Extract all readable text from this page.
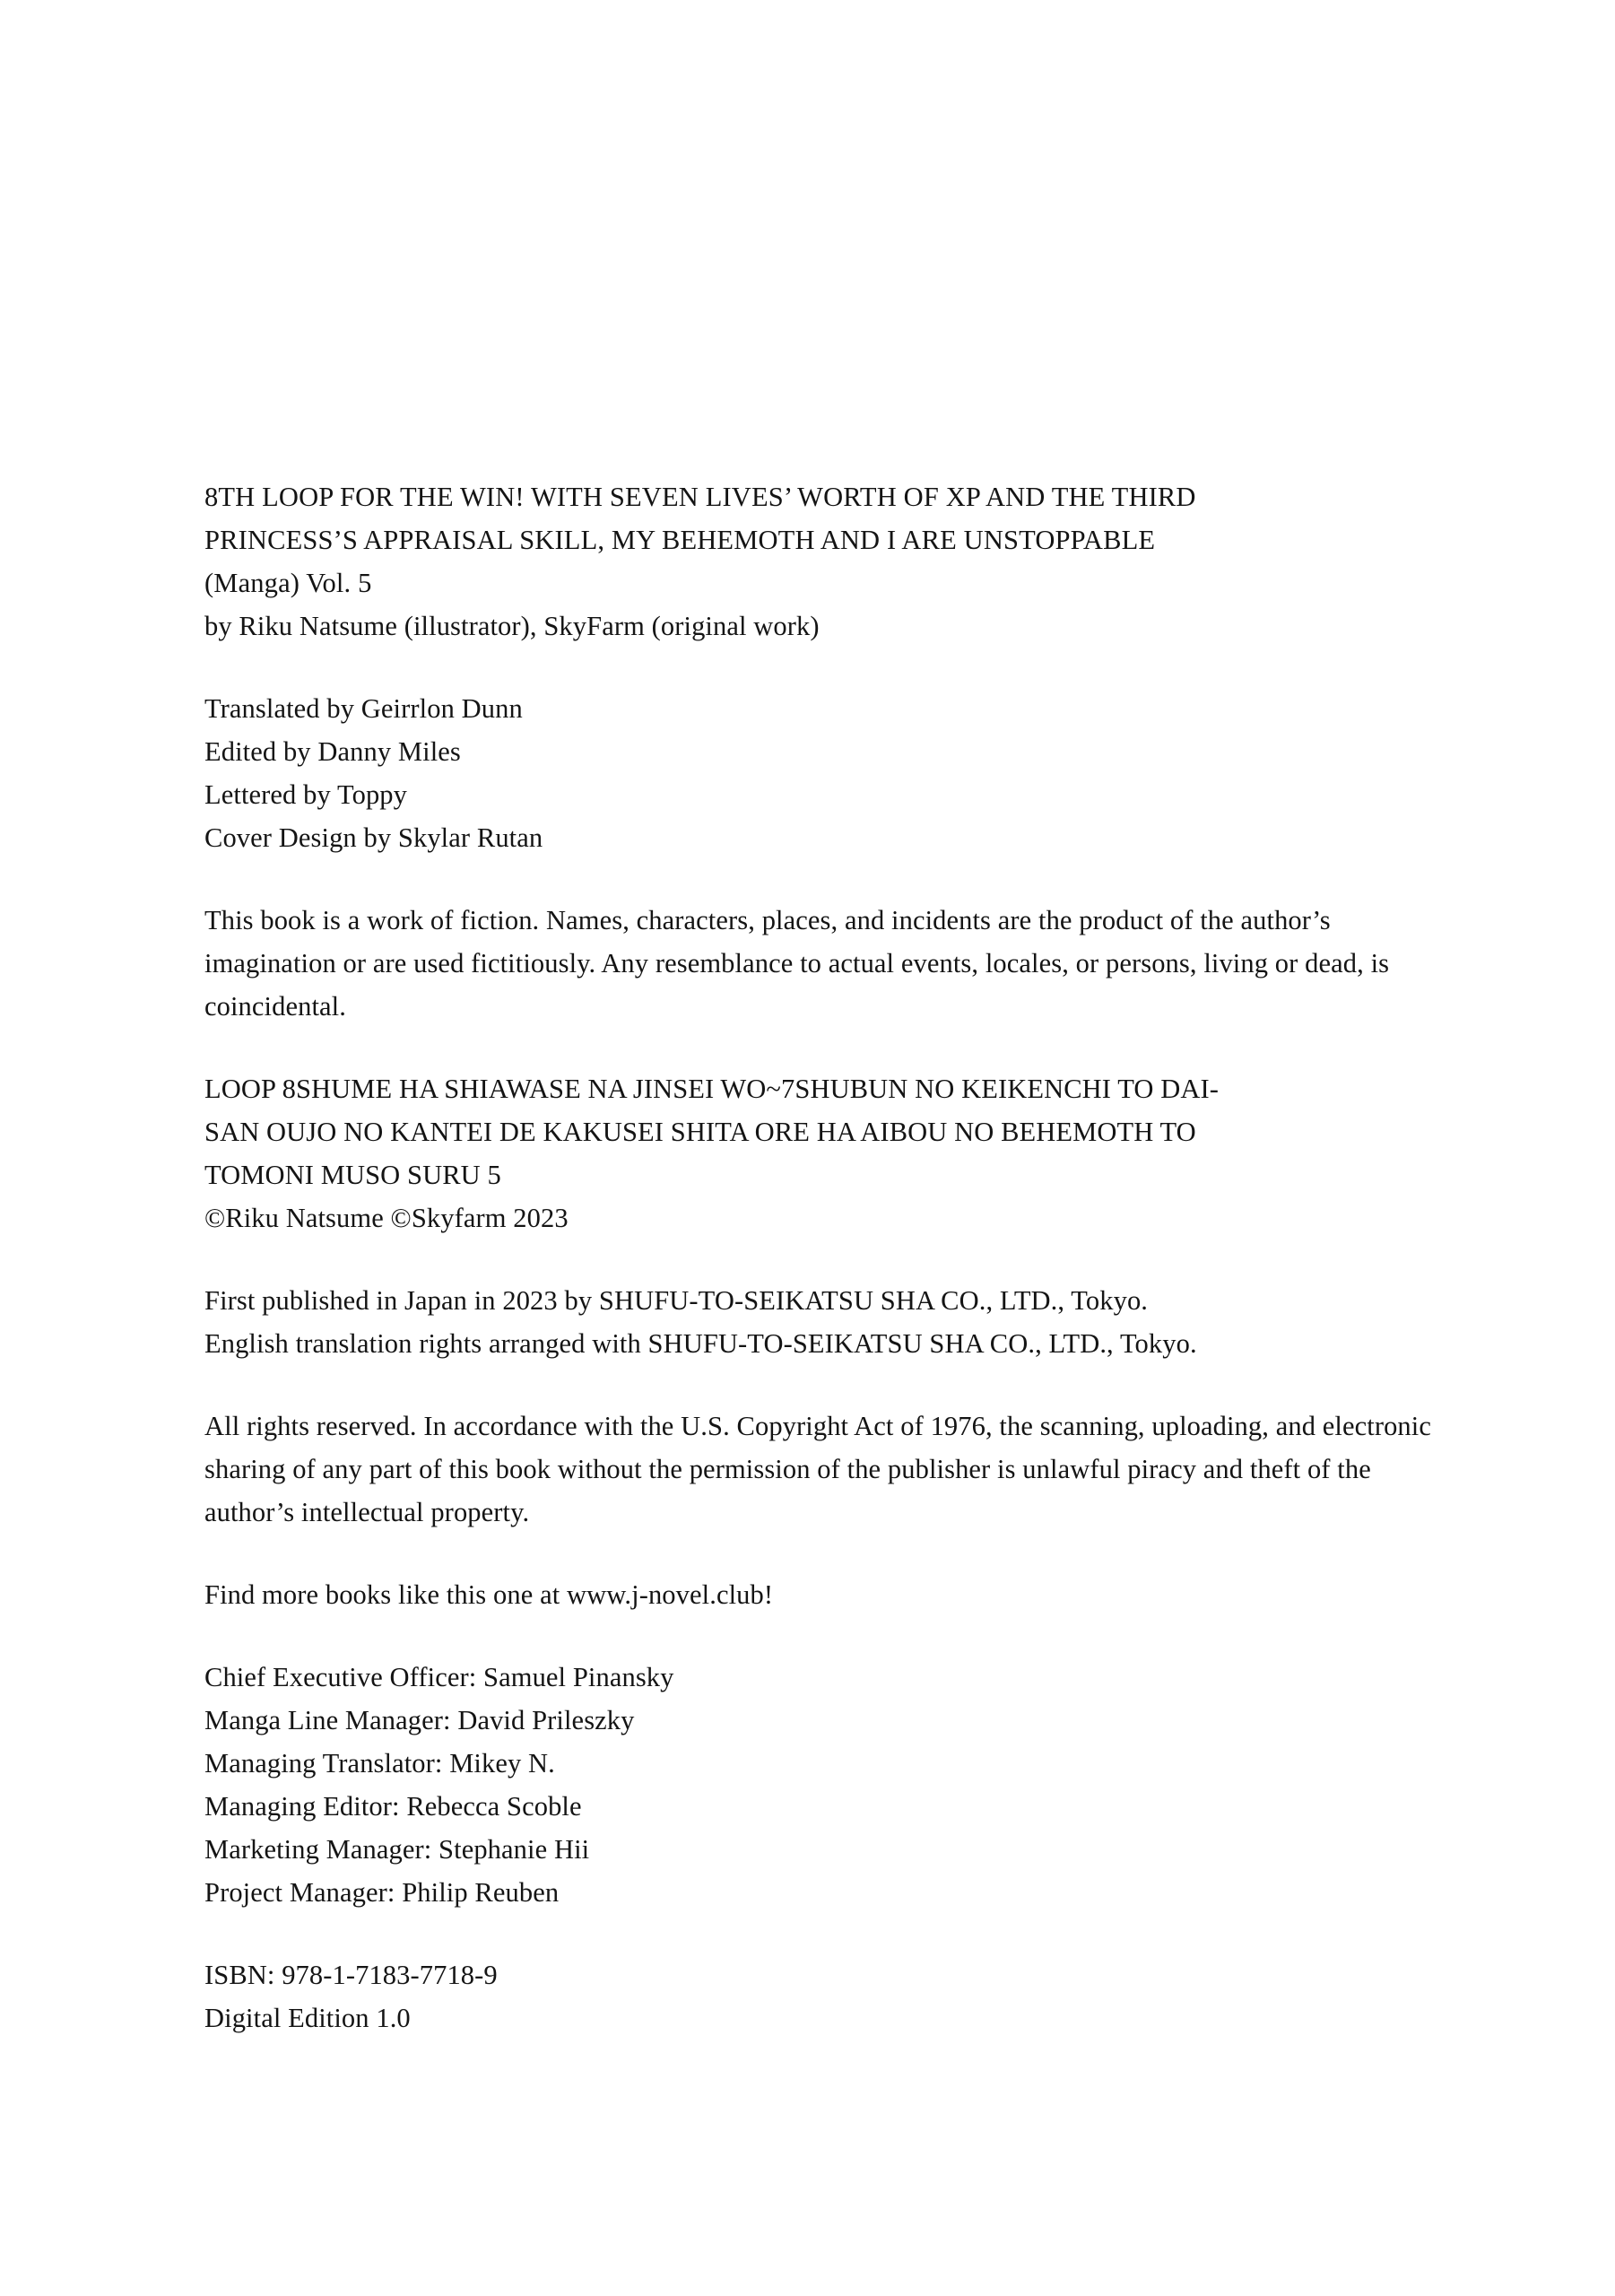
8TH LOOP FOR THE WIN! WITH SEVEN LIVES’ WORTH OF XP AND THE THIRD
PRINCESS’S APPRAISAL SKILL, MY BEHEMOTH AND I ARE UNSTOPPABLE
(Manga) Vol. 5
by Riku Natsume (illustrator), SkyFarm (original work)
Translated by Geirrlon Dunn
Edited by Danny Miles
Lettered by Toppy
Cover Design by Skylar Rutan
This book is a work of fiction. Names, characters, places, and incidents are the product of the author’s imagination or are used fictitiously. Any resemblance to actual events, locales, or persons, living or dead, is coincidental.
LOOP 8SHUME HA SHIAWASE NA JINSEI WO~7SHUBUN NO KEIKENCHI TO DAI-
SAN OUJO NO KANTEI DE KAKUSEI SHITA ORE HA AIBOU NO BEHEMOTH TO
TOMONI MUSO SURU 5
©Riku Natsume ©Skyfarm 2023
First published in Japan in 2023 by SHUFU-TO-SEIKATSU SHA CO., LTD., Tokyo.
English translation rights arranged with SHUFU-TO-SEIKATSU SHA CO., LTD., Tokyo.
All rights reserved. In accordance with the U.S. Copyright Act of 1976, the scanning, uploading, and electronic sharing of any part of this book without the permission of the publisher is unlawful piracy and theft of the author’s intellectual property.
Find more books like this one at www.j-novel.club!
Chief Executive Officer: Samuel Pinansky
Manga Line Manager: David Prileszky
Managing Translator: Mikey N.
Managing Editor: Rebecca Scoble
Marketing Manager: Stephanie Hii
Project Manager: Philip Reuben
ISBN: 978-1-7183-7718-9
Digital Edition 1.0
